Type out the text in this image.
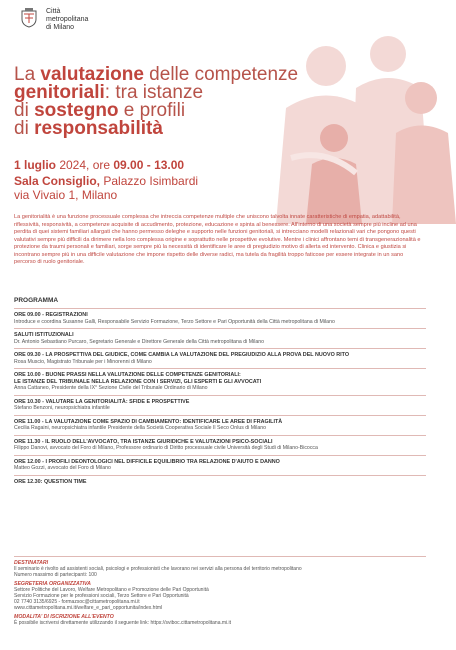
Città
metropolitana
di Milano
La valutazione delle competenze
genitoriali: tra istanze
di sostegno e profili
di responsabilità
1 luglio 2024, ore 09.00 - 13.00
Sala Consiglio, Palazzo Isimbardi
via Vivaio 1, Milano
La genitorialità è una funzione processuale complessa che intreccia competenze multiple che uniscono talvolta innate caratteristiche di empatia, adattabilità, riflessività, responsività, a competenze acquisite di accudimento, protezione, educazione e spinta al benessere. All'interno di una società sempre più incline ad una perdita di quei sistemi familiari allargati che hanno permesso deleghe e supporto nelle funzioni genitoriali, si intrecciano modelli relazionali vari che pongono questi valutativi sempre più difficili da dirimere nella loro complessa origine e soprattutto nelle prospettive evolutive. Mentre i clinici affrontano temi di transgenerazionalità e protezione da traumi personali e familiari, sorge sempre più la necessità di identificare le aree di pregiudizio motivo di allerta ed intervento. Clinica e giustizia si incontrano sempre più in una difficile valutazione che impone rispetto delle diverse radici, ma tutela da fragilità troppo faticose per essere integrate in un sano percorso di ruolo genitoriale.
PROGRAMMA
ORE 09.00 - REGISTRAZIONI
Introduce e coordina Susanne Galli, Responsabile Servizio Formazione, Terzo Settore e Pari Opportunità della Città metropolitana di Milano
SALUTI ISTITUZIONALI
Dr. Antonio Sebastiano Purcaro, Segretario Generale e Direttore Generale della Città metropolitana di Milano
ORE 09.30 - LA PROSPETTIVA DEL GIUDICE, COME CAMBIA LA VALUTAZIONE DEL PREGIUDIZIO ALLA PROVA DEL NUOVO RITO
Rosa Muscio, Magistrato Tribunale per i Minorenni di Milano
ORE 10.00 - BUONE PRASSI NELLA VALUTAZIONE DELLE COMPETENZE GENITORIALI:
LE ISTANZE DEL TRIBUNALE NELLA RELAZIONE CON I SERVIZI, GLI ESPERTI E GLI AVVOCATI
Anna Cattaneo, Presidente della IX° Sezione Civile del Tribunale Ordinario di Milano
ORE 10.30 - VALUTARE LA GENITORIALITÀ: SFIDE E PROSPETTIVE
Stefano Benzoni, neuropsichiatra infantile
ORE 11.00 - LA VALUTAZIONE COME SPAZIO DI CAMBIAMENTO: IDENTIFICARE LE AREE DI FRAGILITÀ
Cecilia Ragaini, neuropsichiatra infantile Presidente della Società Cooperativa Sociale Il Seco Onlus di Milano
ORE 11.30 - IL RUOLO DELL'AVVOCATO, TRA ISTANZE GIURIDICHE E VALUTAZIONI PSICO-SOCIALI
Filippo Danovi, avvocato del Foro di Milano, Professore ordinario di Diritto processuale civile Università degli Studi di Milano-Bicocca
ORE 12.00 - I PROFILI DEONTOLOGICI NEL DIFFICILE EQUILIBRIO TRA RELAZIONE D'AIUTO E DANNO
Matteo Gozzi, avvocato del Foro di Milano
ORE 12.30: QUESTION TIME
DESTINATARI
Il seminario è rivolto ad assistenti sociali, psicologi e professionisti che lavorano nei servizi alla persona del territorio metropolitano
Numero massimo di partecipanti: 100
SEGRETERIA ORGANIZZATIVA
Settore Politiche del Lavoro, Welfare Metropolitano e Promozione delle Pari Opportunità
Servizio Formazione per le professioni sociali, Terzo Settore e Pari Opportunità
02 7740 3135/6925 - formazsoc@cittametropolitana.mi.it
www.cittametropolitana.mi.it/welfare_e_pari_opportunita/index.html
MODALITA' DI ISCRIZIONE ALL'EVENTO
È possibile iscriversi direttamente utilizzando il seguente link: https://sviboc.cittametropolitana.mi.it
